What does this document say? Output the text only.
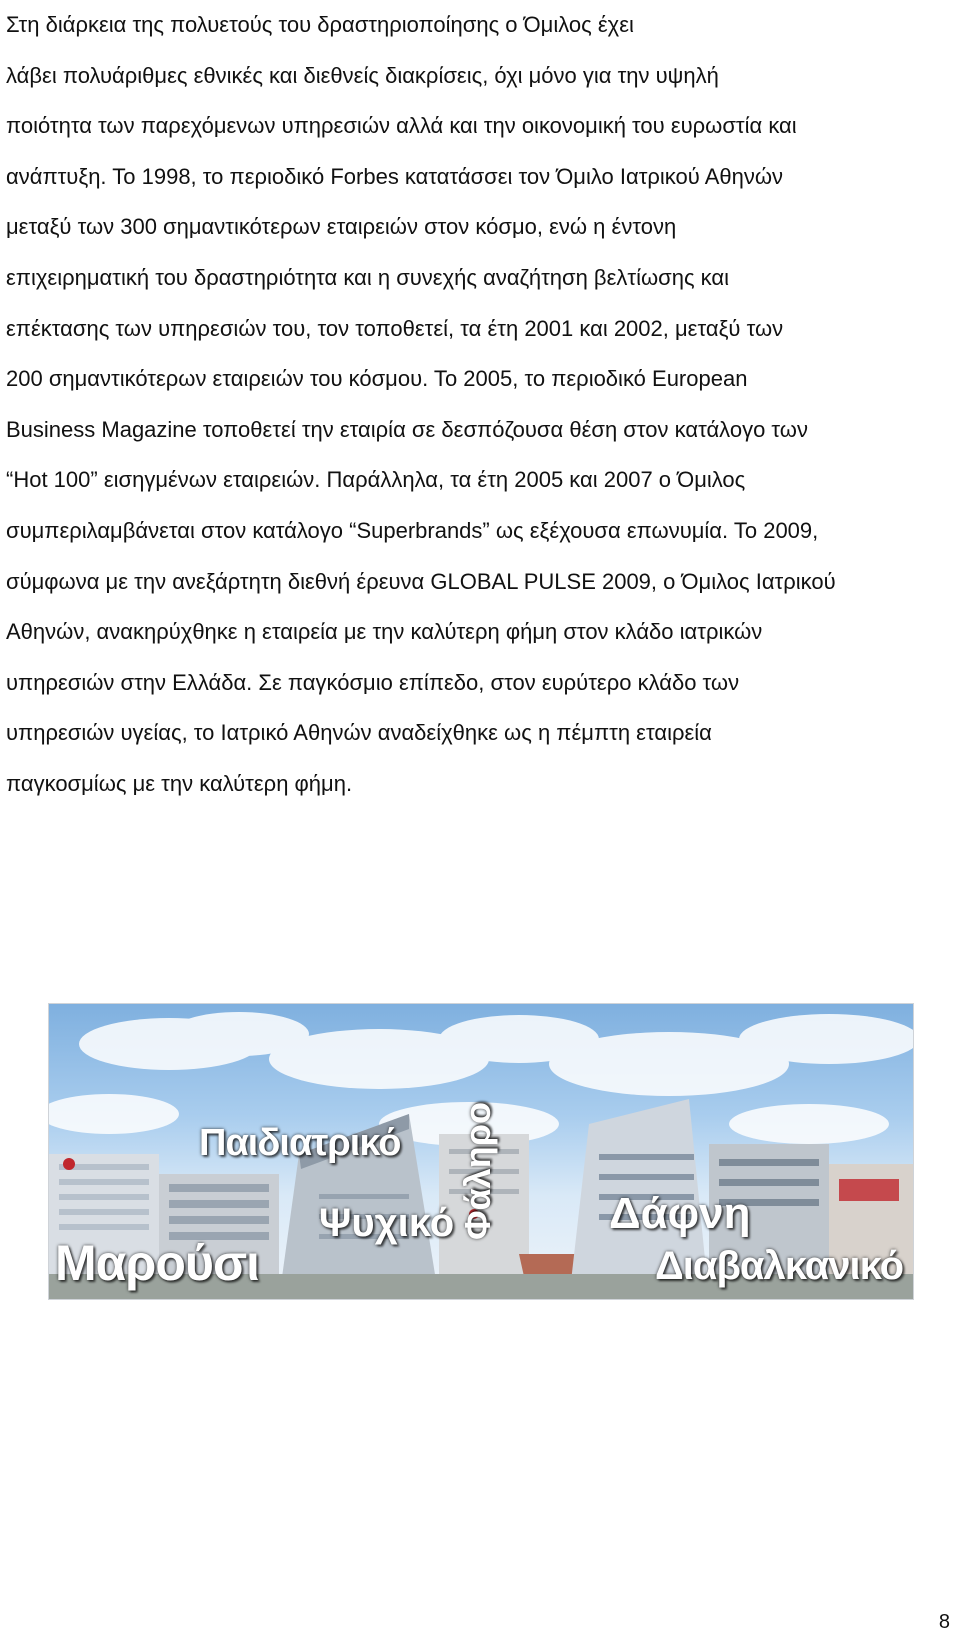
Στη διάρκεια της πολυετούς του δραστηριοποίησης ο Όμιλος έχει
λάβει πολυάριθμες εθνικές και διεθνείς διακρίσεις, όχι μόνο για την υψηλή
ποιότητα των παρεχόμενων υπηρεσιών αλλά και την οικονομική του ευρωστία και
ανάπτυξη. Το 1998, το περιοδικό Forbes κατατάσσει τον Όμιλο Ιατρικού Αθηνών
μεταξύ των 300 σημαντικότερων εταιρειών στον κόσμο, ενώ η έντονη
επιχειρηματική του δραστηριότητα και η συνεχής αναζήτηση βελτίωσης και
επέκτασης των υπηρεσιών του, τον τοποθετεί, τα έτη 2001 και 2002, μεταξύ των
200 σημαντικότερων εταιρειών του κόσμου. Το 2005, το περιοδικό European
Business Magazine τοποθετεί την εταιρία σε δεσπόζουσα θέση στον κατάλογο των
“Hot 100” εισηγμένων εταιρειών. Παράλληλα, τα έτη 2005 και 2007 ο Όμιλος
συμπεριλαμβάνεται στον κατάλογο “Superbrands” ως εξέχουσα επωνυμία. Το 2009,
σύμφωνα με την ανεξάρτητη διεθνή έρευνα GLOBAL PULSE 2009, ο Όμιλος Ιατρικού
Αθηνών, ανακηρύχθηκε η εταιρεία με την καλύτερη φήμη στον κλάδο ιατρικών
υπηρεσιών στην Ελλάδα. Σε παγκόσμιο επίπεδο, στον ευρύτερο κλάδο των
υπηρεσιών υγείας, το Ιατρικό Αθηνών αναδείχθηκε ως η πέμπτη εταιρεία
παγκοσμίως με την καλύτερη φήμη.

Παιδιατρικό
Ψυχικό Φάληρο
Μαρούσι
Δάφνη
Διαβαλκανικό
8
